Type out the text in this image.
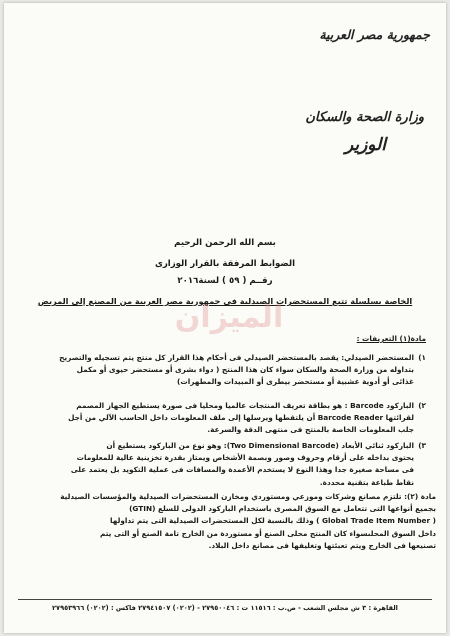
جمهورية مصر العربية
وزارة الصحة والسكان
الوزير
بسم الله الرحمن الرحيم
الضوابط المرفقة بالقرار الوزارى
رقــم ( ٥٩ ) لسنة٢٠١٦
الخاصة بسلسلة تتبع المستحضرات الصيدلية فى جمهورية مصر العربية من المصنع إلى المريض
المیزان
مادة(١) التعريفات :
١)
المستحضر الصيدلي: يقصد بالمستحضر الصيدلي فى أحكام هذا القرار كل منتج يتم تسجيله والتصريح
بتداوله من وزارة الصحة والسكان سواء كان هذا المنتج ( دواء بشرى أو مستحضر حيوى أو مكمل
غذائى أو أدوية عشبية أو مستحضر بيطرى أو المبيدات والمطهرات)
٢)
الباركود Barcode : هو بطاقة تعريف المنتجات عالميا ومحليا فى صورة يستطيع الجهاز المصمم
لقرائتها Barcode Reader أن يلتقطها ويرسلها إلى ملف المعلومات داخل الحاسب الآلي من أجل
جلب المعلومات الخاصة بالمنتج فى منتهى الدقة والسرعة.
٣)
الباركود ثنائي الأبعاد (Two Dimensional Barcode): وهو نوع من الباركود يستطيع أن
يحتوى بداخله على أرقام وحروف وصور وبصمة الأشخاص ويمتاز بقدرة تخزينية عالية للمعلومات
فى مساحة صغيرة جدا وهذا النوع لا يستخدم الأعمدة والمسافات فى عملية التكويد بل يعتمد على
نقاط طباعة بتقنية محددة.
مادة (٢): تلتزم مصانع وشركات وموزعي ومستوردي ومخازن المستحضرات الصيدلية والمؤسسات الصيدلية
بجميع أنواعها التى تتعامل مع السوق المصرى باستخدام الباركود الدولى للسلع (GTIN)
( Global Trade Item Number ) وذلك بالنسبة لكل المستحضرات الصيدلية التى يتم تداولها
داخل السوق المحلىسواء كان المنتج محلى الصنع أو مستوردة من الخارج تامة الصنع أو التى يتم
تصنيعها فى الخارج ويتم تعبئتها وتغليفها فى مصانع داخل البلاد.
القاهرة : ٣ ش مجلس الشعب - ص.ب : ١١٥١٦ ت : ٢٧٩٥٠٠٤٦ - (٠٢٠٢) ٢٧٩٤١٥٠٧ فاكس : (٠٢٠٢) ٢٧٩٥٣٩٦٦
